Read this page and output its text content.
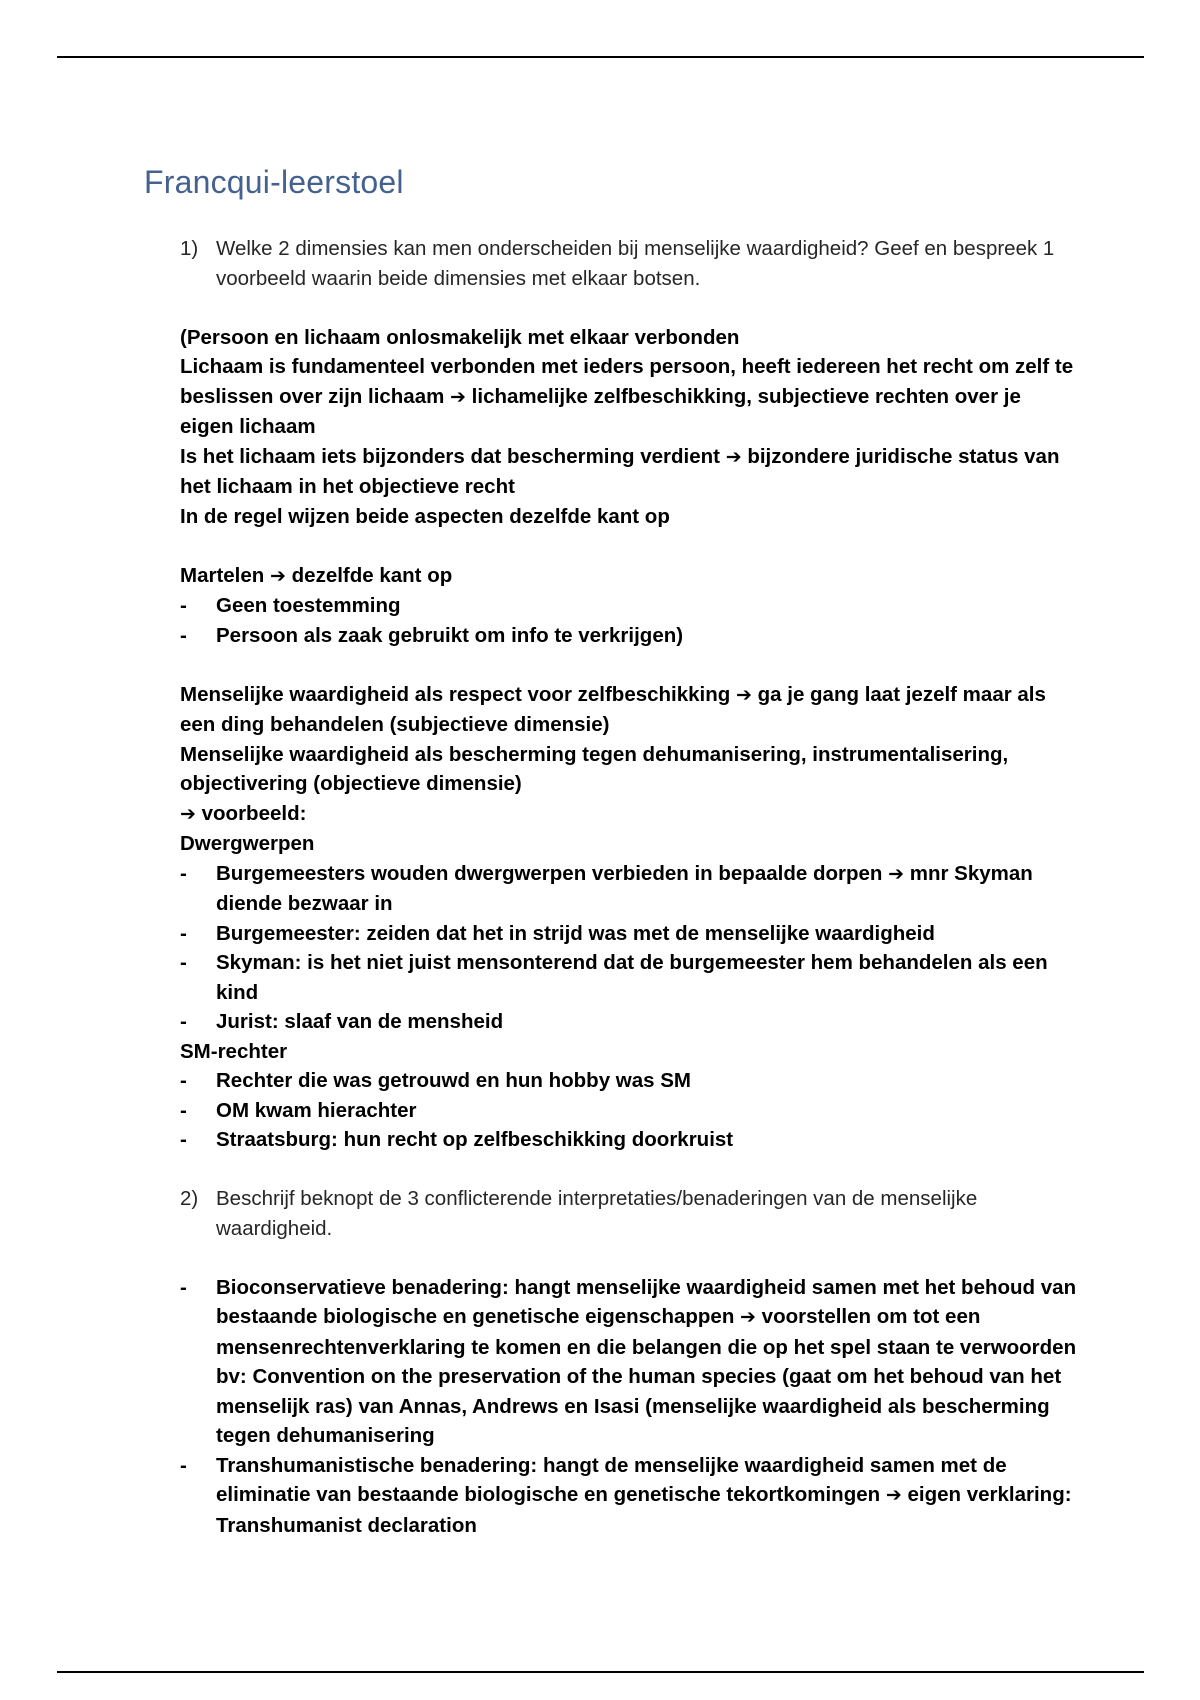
Francqui-leerstoel
1) Welke 2 dimensies kan men onderscheiden bij menselijke waardigheid? Geef en bespreek 1 voorbeeld waarin beide dimensies met elkaar botsen.
(Persoon en lichaam onlosmakelijk met elkaar verbonden
Lichaam is fundamenteel verbonden met ieders persoon, heeft iedereen het recht om zelf te beslissen over zijn lichaam ➔ lichamelijke zelfbeschikking, subjectieve rechten over je eigen lichaam
Is het lichaam iets bijzonders dat bescherming verdient ➔ bijzondere juridische status van het lichaam in het objectieve recht
In de regel wijzen beide aspecten dezelfde kant op
Martelen ➔ dezelfde kant op
-	Geen toestemming
-	Persoon als zaak gebruikt om info te verkrijgen)
Menselijke waardigheid als respect voor zelfbeschikking ➔ ga je gang laat jezelf maar als een ding behandelen (subjectieve dimensie)
Menselijke waardigheid als bescherming tegen dehumanisering, instrumentalisering, objectivering (objectieve dimensie)
➔ voorbeeld:
Dwergwerpen
-	Burgemeesters wouden dwergwerpen verbieden in bepaalde dorpen ➔ mnr Skyman diende bezwaar in
-	Burgemeester: zeiden dat het in strijd was met de menselijke waardigheid
-	Skyman: is het niet juist mensonterend dat de burgemeester hem behandelen als een kind
-	Jurist: slaaf van de mensheid
SM-rechter
-	Rechter die was getrouwd en hun hobby was SM
-	OM kwam hierachter
-	Straatsburg: hun recht op zelfbeschikking doorkruist
2) Beschrijf beknopt de 3 conflicterende interpretaties/benaderingen van de menselijke waardigheid.
-	Bioconservatieve benadering: hangt menselijke waardigheid samen met het behoud van bestaande biologische en genetische eigenschappen ➔ voorstellen om tot een mensenrechtenverklaring te komen en die belangen die op het spel staan te verwoorden bv: Convention on the preservation of the human species (gaat om het behoud van het menselijk ras) van Annas, Andrews en Isasi (menselijke waardigheid als bescherming tegen dehumanisering
-	Transhumanistische benadering: hangt de menselijke waardigheid samen met de eliminatie van bestaande biologische en genetische tekortkomingen ➔ eigen verklaring: Transhumanist declaration
